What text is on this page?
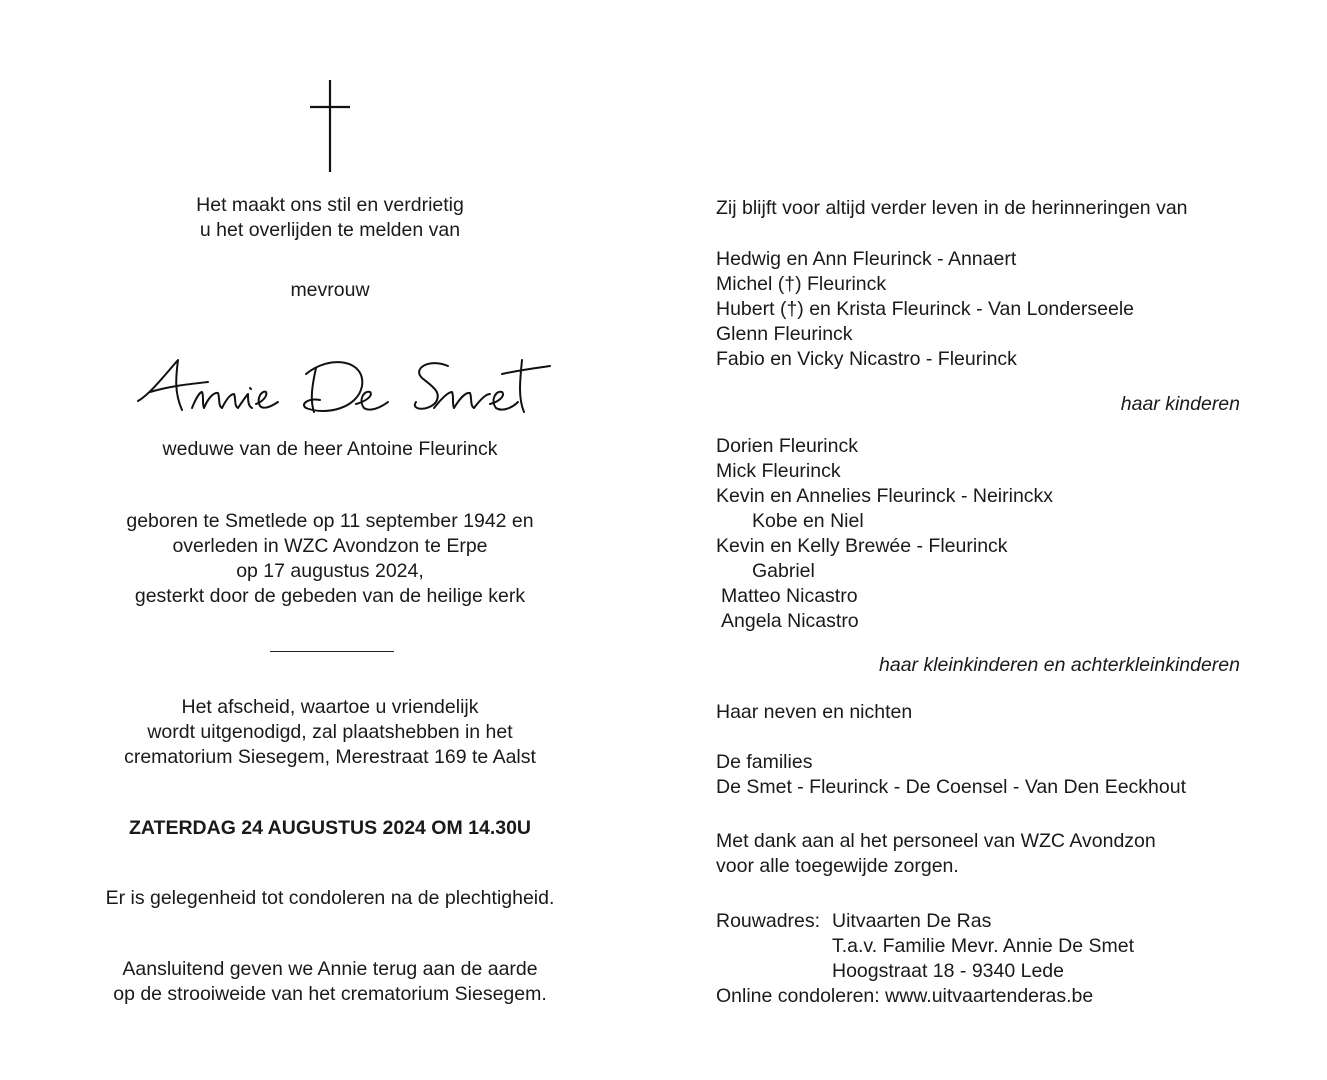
Het maakt ons stil en verdrietig
u het overlijden te melden van
mevrouw
weduwe van de heer Antoine Fleurinck
geboren te Smetlede op 11 september 1942 en
overleden in WZC Avondzon te Erpe
op 17 augustus 2024,
gesterkt door de gebeden van de heilige kerk
Het afscheid, waartoe u vriendelijk
wordt uitgenodigd, zal plaatshebben in het
crematorium Siesegem, Merestraat 169 te Aalst
ZATERDAG 24 AUGUSTUS 2024 OM 14.30U
Er is gelegenheid tot condoleren na de plechtigheid.
Aansluitend geven we Annie terug aan de aarde
op de strooiweide van het crematorium Siesegem.
Zij blijft voor altijd verder leven in de herinneringen van
Hedwig en Ann Fleurinck - Annaert
Michel (†) Fleurinck
Hubert (†) en Krista Fleurinck - Van Londerseele
Glenn Fleurinck
Fabio en Vicky Nicastro - Fleurinck
haar kinderen
Dorien Fleurinck
Mick Fleurinck
Kevin en Annelies Fleurinck - Neirinckx
Kobe en Niel
Kevin en Kelly Brewée - Fleurinck
Gabriel
Matteo Nicastro
Angela Nicastro
haar kleinkinderen en achterkleinkinderen
Haar neven en nichten
De families
De Smet - Fleurinck - De Coensel - Van Den Eeckhout
Met dank aan al het personeel van WZC Avondzon
voor alle toegewijde zorgen.
Rouwadres: Uitvaarten De Ras
T.a.v. Familie Mevr. Annie De Smet
Hoogstraat 18 - 9340 Lede
Online condoleren: www.uitvaartenderas.be
